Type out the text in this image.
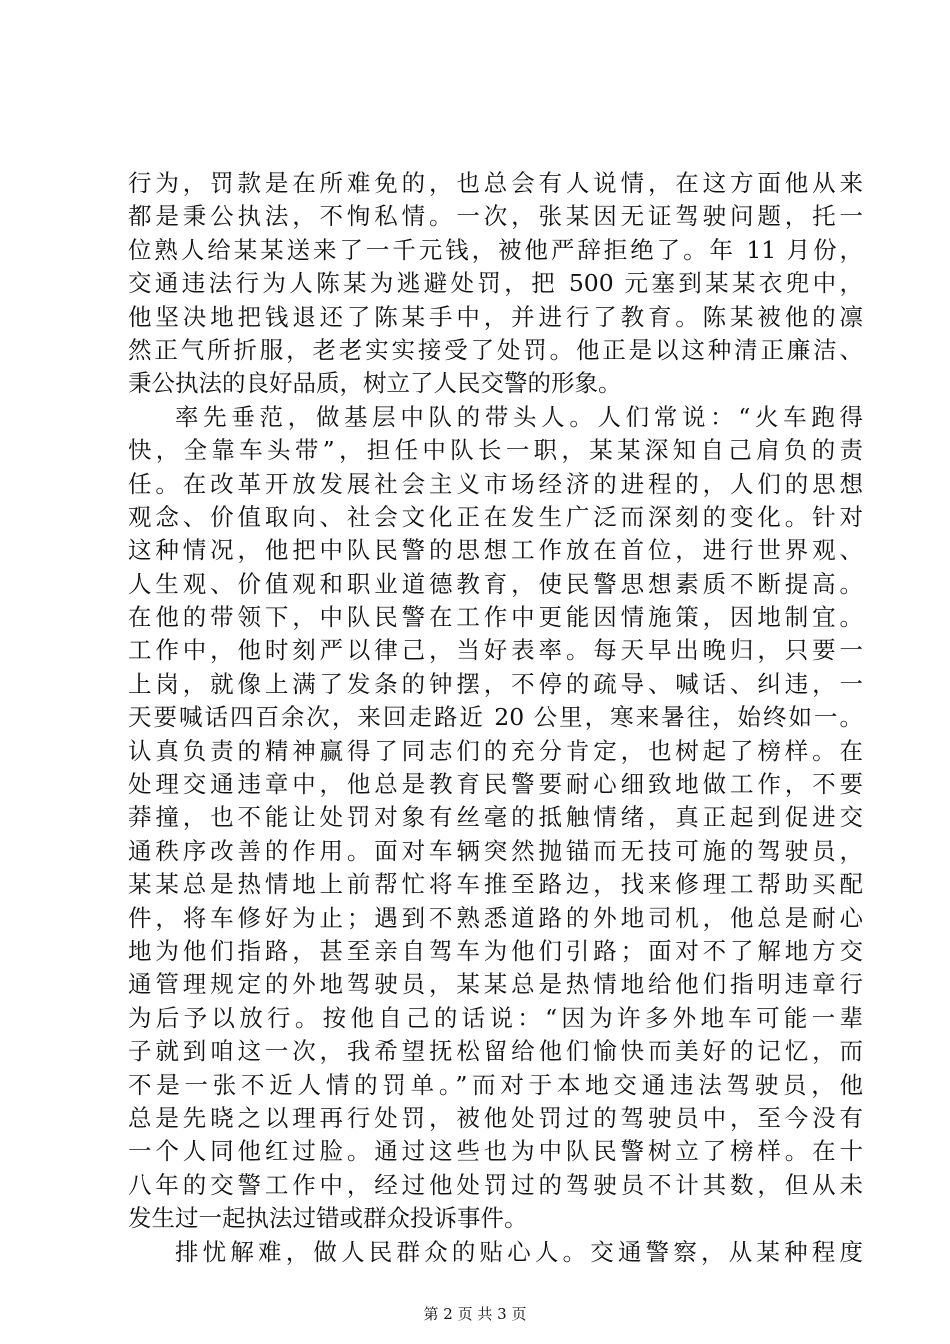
行为，罚款是在所难免的，也总会有人说情，在这方面他从来
都是秉公执法，不恂私情。一次，张某因无证驾驶问题，托一
位熟人给某某送来了一千元钱，被他严辞拒绝了。年 11 月份，
交通违法行为人陈某为逃避处罚，把 500 元塞到某某衣兜中，
他坚决地把钱退还了陈某手中，并进行了教育。陈某被他的凛
然正气所折服，老老实实接受了处罚。他正是以这种清正廉洁、
秉公执法的良好品质，树立了人民交警的形象。
率先垂范，做基层中队的带头人。人们常说：“火车跑得
快，全靠车头带”，担任中队长一职，某某深知自己肩负的责
任。在改革开放发展社会主义市场经济的进程的，人们的思想
观念、价值取向、社会文化正在发生广泛而深刻的变化。针对
这种情况，他把中队民警的思想工作放在首位，进行世界观、
人生观、价值观和职业道德教育，使民警思想素质不断提高。
在他的带领下，中队民警在工作中更能因情施策，因地制宜。
工作中，他时刻严以律己，当好表率。每天早出晚归，只要一
上岗，就像上满了发条的钟摆，不停的疏导、喊话、纠违，一
天要喊话四百余次，来回走路近 20 公里，寒来暑往，始终如一。
认真负责的精神赢得了同志们的充分肯定，也树起了榜样。在
处理交通违章中，他总是教育民警要耐心细致地做工作，不要
莽撞，也不能让处罚对象有丝毫的抵触情绪，真正起到促进交
通秩序改善的作用。面对车辆突然抛锚而无技可施的驾驶员，
某某总是热情地上前帮忙将车推至路边，找来修理工帮助买配
件，将车修好为止；遇到不熟悉道路的外地司机，他总是耐心
地为他们指路，甚至亲自驾车为他们引路；面对不了解地方交
通管理规定的外地驾驶员，某某总是热情地给他们指明违章行
为后予以放行。按他自己的话说：“因为许多外地车可能一辈
子就到咱这一次，我希望抚松留给他们愉快而美好的记忆，而
不是一张不近人情的罚单。”而对于本地交通违法驾驶员，他
总是先晓之以理再行处罚，被他处罚过的驾驶员中，至今没有
一个人同他红过脸。通过这些也为中队民警树立了榜样。在十
八年的交警工作中，经过他处罚过的驾驶员不计其数，但从未
发生过一起执法过错或群众投诉事件。
排忧解难，做人民群众的贴心人。交通警察，从某种程度
第 2 页 共 3 页
